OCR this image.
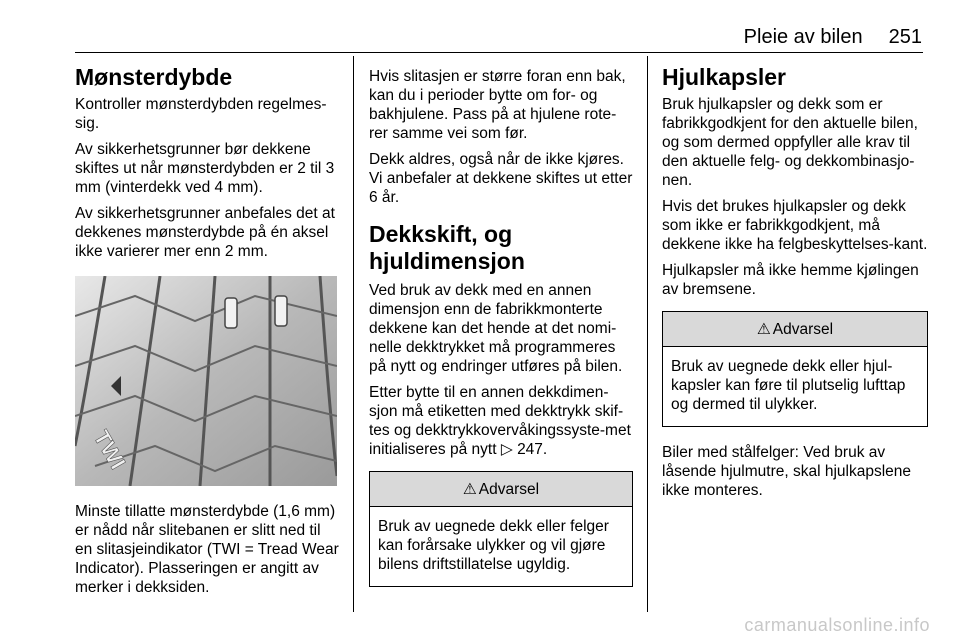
Pleie av bilen 251
Mønsterdybde

Kontroller mønsterdybden regelmes-sig.

Av sikkerhetsgrunner bør dekkene skiftes ut når mønsterdybden er 2 til 3 mm (vinterdekk ved 4 mm).

Av sikkerhetsgrunner anbefales det at dekkenes mønsterdybde på én aksel ikke varierer mer enn 2 mm.

TWI

Minste tillatte mønsterdybde (1,6 mm) er nådd når slitebanen er slitt ned til en slitasjeindikator (TWI = Tread Wear Indicator). Plasseringen er angitt av merker i dekksiden.

Hvis slitasjen er større foran enn bak, kan du i perioder bytte om for- og bakhjulene. Pass på at hjulene rote-rer samme vei som før.

Dekk aldres, også når de ikke kjøres. Vi anbefaler at dekkene skiftes ut etter 6 år.

Dekkskift, og hjuldimensjon

Ved bruk av dekk med en annen dimensjon enn de fabrikkmonterte dekkene kan det hende at det nomi-nelle dekktrykket må programmeres på nytt og endringer utføres på bilen.

Etter bytte til en annen dekkdimen-sjon må etiketten med dekktrykk skif-tes og dekktrykkovervåkingssyste-met initialiseres på nytt ▷ 247.

⚠ Advarsel
Bruk av uegnede dekk eller felger kan forårsake ulykker og vil gjøre bilens driftstillatelse ugyldig.
Hjulkapsler

Bruk hjulkapsler og dekk som er fabrikkgodkjent for den aktuelle bilen, og som dermed oppfyller alle krav til den aktuelle felg- og dekkombinasjo-nen.

Hvis det brukes hjulkapsler og dekk som ikke er fabrikkgodkjent, må dekkene ikke ha felgbeskyttelses-kant.

Hjulkapsler må ikke hemme kjølingen av bremsene.

⚠ Advarsel
Bruk av uegnede dekk eller hjul-kapsler kan føre til plutselig lufttap og dermed til ulykker.

Biler med stålfelger: Ved bruk av låsende hjulmutre, skal hjulkapslene ikke monteres.

carmanualsonline.info
